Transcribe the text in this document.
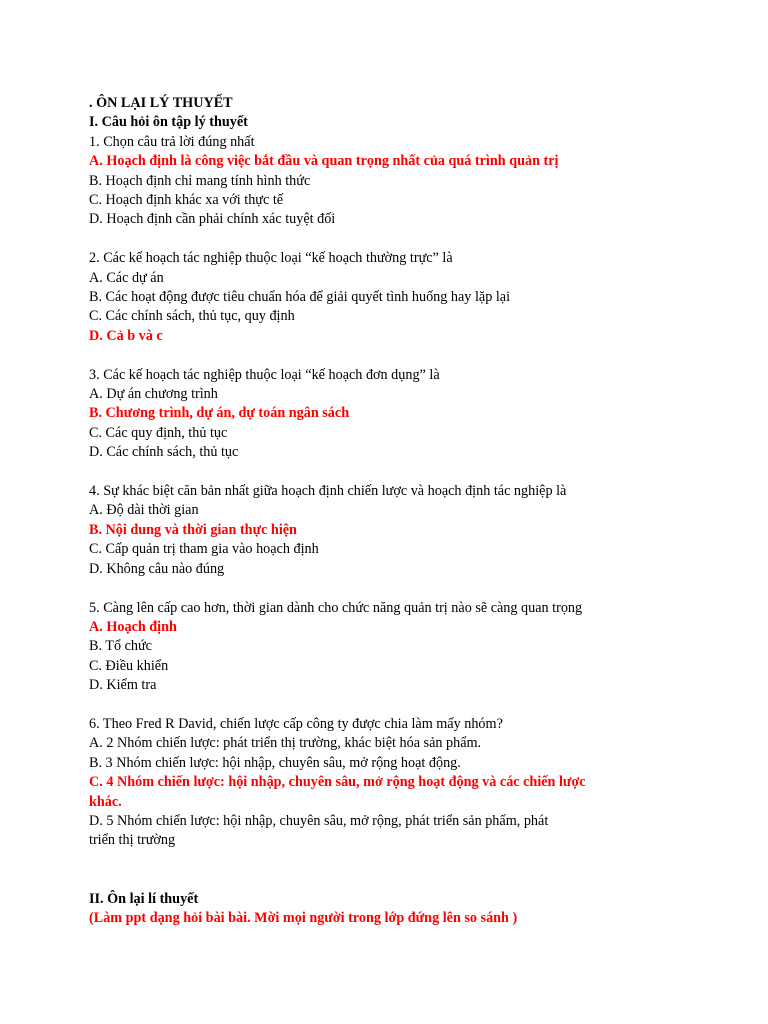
. ÔN LẠI LÝ THUYẾT
I. Câu hỏi ôn tập lý thuyết
1. Chọn câu trả lời đúng nhất
A. Hoạch định là công việc bắt đầu và quan trọng nhất của quá trình quản trị
B. Hoạch định chỉ mang tính hình thức
C. Hoạch định khác xa với thực tế
D. Hoạch định cần phải chính xác tuyệt đối
2. Các kế hoạch tác nghiệp thuộc loại “kế hoạch thường trực” là
A. Các dự án
B. Các hoạt động được tiêu chuẩn hóa để giải quyết tình huống hay lặp lại
C. Các chính sách, thủ tục, quy định
D. Cả b và c
3. Các kế hoạch tác nghiệp thuộc loại “kế hoạch đơn dụng” là
A. Dự án chương trình
B. Chương trình, dự án, dự toán ngân sách
C. Các quy định, thủ tục
D. Các chính sách, thủ tục
4. Sự khác biệt căn bản nhất giữa hoạch định chiến lược và hoạch định tác nghiệp là
A. Độ dài thời gian
B. Nội dung và thời gian thực hiện
C. Cấp quản trị tham gia vào hoạch định
D. Không câu nào đúng
5. Càng lên cấp cao hơn, thời gian dành cho chức năng quản trị nào sẽ càng quan trọng
A. Hoạch định
B. Tổ chức
C. Điều khiển
D. Kiểm tra
6. Theo Fred R David, chiến lược cấp công ty được chia làm mấy nhóm?
A. 2 Nhóm chiến lược: phát triển thị trường, khác biệt hóa sản phẩm.
B. 3 Nhóm chiến lược: hội nhập, chuyên sâu, mở rộng hoạt động.
C. 4 Nhóm chiến lược: hội nhập, chuyên sâu, mở rộng hoạt động và các chiến lược
khác.
D. 5 Nhóm chiến lược: hội nhập, chuyên sâu, mở rộng, phát triển sản phẩm, phát
triển thị trường
II. Ôn lại lí thuyết
(Làm ppt dạng hỏi bài bài. Mời mọi người trong lớp đứng lên so sánh )
